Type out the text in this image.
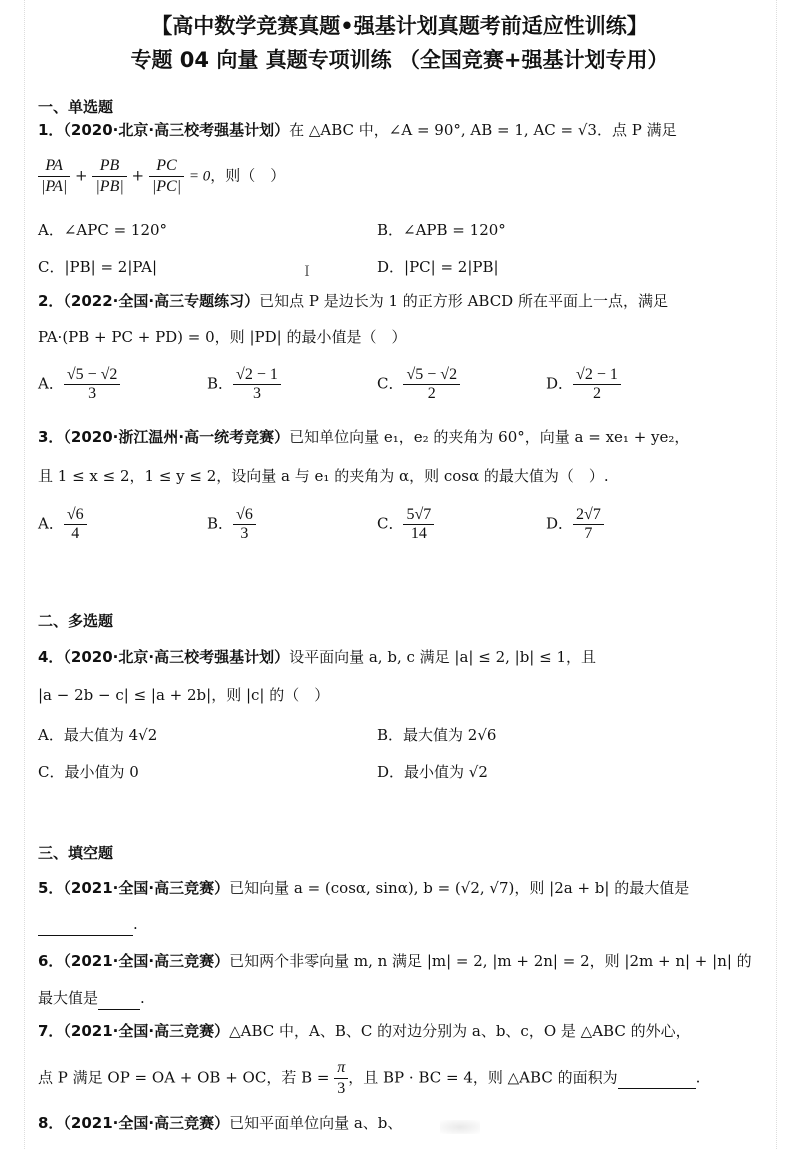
【高中数学竞赛真题•强基计划真题考前适应性训练】
专题 04 向量 真题专项训练 （全国竞赛+强基计划专用）
一、单选题
1．（2020·北京·高三校考强基计划）在 △ABC 中，∠A = 90°, AB = 1, AC = √3．点 P 满足
$\frac{PA}{|PA|} + \frac{PB}{|PB|} + \frac{PC}{|PC|} = 0$，则（　）
A．∠APC = 120°	B．∠APB = 120°
C．|PB| = 2|PA|	D．|PC| = 2|PB|
Ｉ
2．（2022·全国·高三专题练习）已知点 P 是边长为 1 的正方形 ABCD 所在平面上一点，满足
PA·(PB + PC + PD) = 0，则 |PD| 的最小值是（　）
A． $\frac{√5 - √2}{3}$	B． $\frac{√2 - 1}{3}$	C． $\frac{√5 - √2}{2}$	D． $\frac{√2 - 1}{2}$
3．（2020·浙江温州·高一统考竞赛）已知单位向量 e₁，e₂ 的夹角为 60°，向量 a = xe₁ + ye₂，
且 1 ≤ x ≤ 2，1 ≤ y ≤ 2，设向量 a 与 e₁ 的夹角为 α，则 cosα 的最大值为（　）.
A． $\frac{√6}{4}$	B． $\frac{√6}{3}$	C． $\frac{5√7}{14}$	D． $\frac{2√7}{7}$
二、多选题
4．（2020·北京·高三校考强基计划）设平面向量 a, b, c 满足 |a| ≤ 2, |b| ≤ 1，且
|a − 2b − c| ≤ |a + 2b|，则 |c| 的（　）
A．最大值为 4√2	B．最大值为 2√6
C．最小值为 0	D．最小值为 √2
三、填空题
5．（2021·全国·高三竞赛）已知向量 a = (cosα, sinα), b = (√2, √7)，则 |2a + b| 的最大值是
.
6．（2021·全国·高三竞赛）已知两个非零向量 m, n 满足 |m| = 2, |m + 2n| = 2，则 |2m + n| + |n| 的
最大值是	.
7．（2021·全国·高三竞赛）△ABC 中，A、B、C 的对边分别为 a、b、c，O 是 △ABC 的外心，
点 P 满足 OP = OA + OB + OC，若 $B = \frac{\pi}{3}$ ，且 BP · BC = 4，则 △ABC 的面积为	.
8．（2021·全国·高三竞赛）已知平面单位向量 a、b、
